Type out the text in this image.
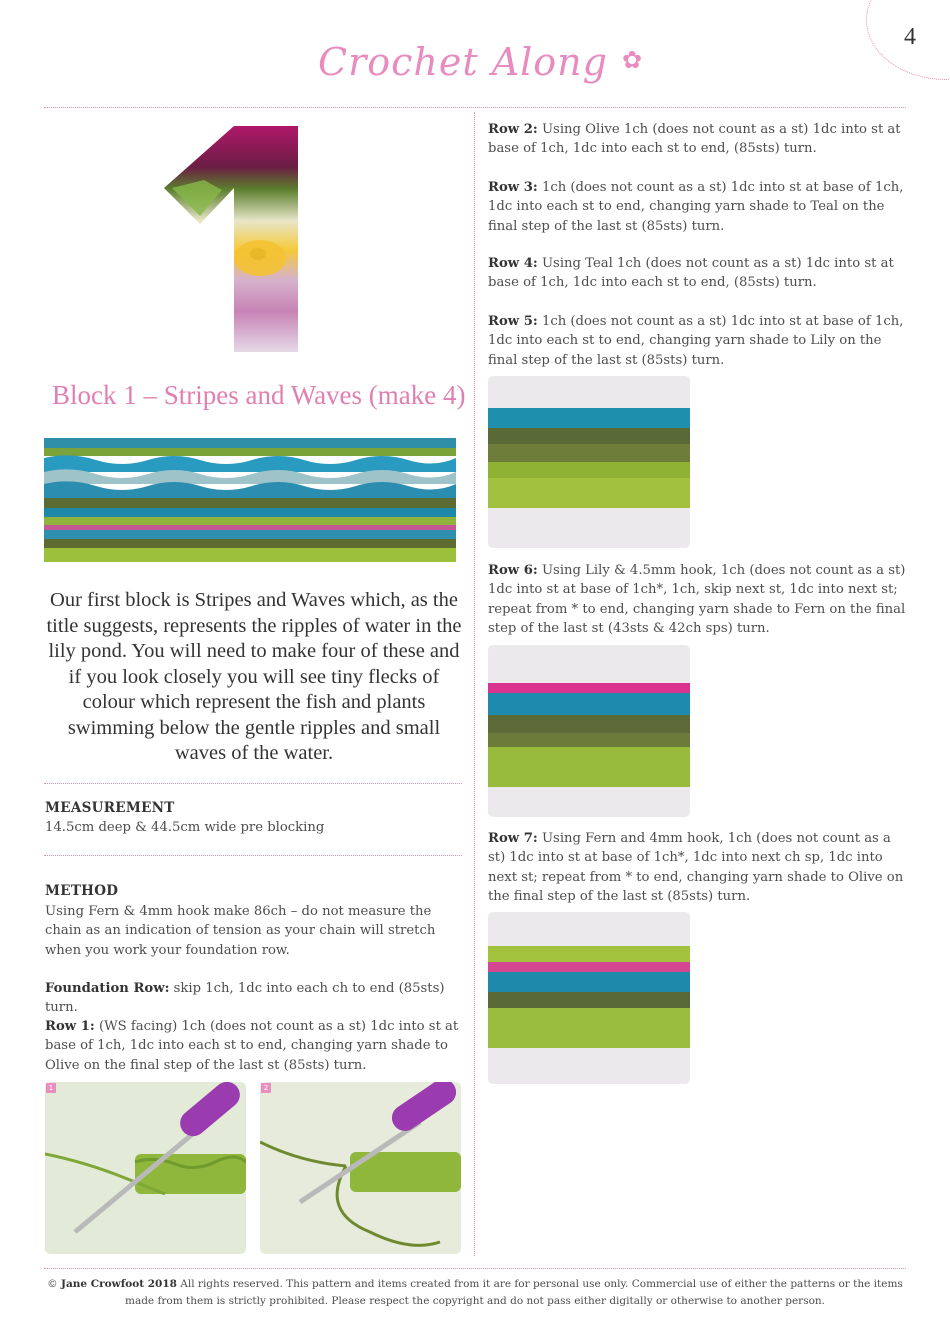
4
Crochet Along ✿
Block 1 – Stripes and Waves (make 4)
Our first block is Stripes and Waves which, as the title suggests, represents the ripples of water in the lily pond. You will need to make four of these and if you look closely you will see tiny flecks of colour which represent the fish and plants swimming below the gentle ripples and small waves of the water.
MEASUREMENT
14.5cm deep & 44.5cm wide pre blocking
METHOD
Using Fern & 4mm hook make 86ch – do not measure the chain as an indication of tension as your chain will stretch when you work your foundation row.
Foundation Row: skip 1ch, 1dc into each ch to end (85sts) turn.
Row 1: (WS facing) 1ch (does not count as a st) 1dc into st at base of 1ch, 1dc into each st to end, changing yarn shade to Olive on the final step of the last st (85sts) turn.
1	2
Row 2: Using Olive 1ch (does not count as a st) 1dc into st at base of 1ch, 1dc into each st to end, (85sts) turn.
Row 3: 1ch (does not count as a st) 1dc into st at base of 1ch, 1dc into each st to end, changing yarn shade to Teal on the final step of the last st (85sts) turn.
Row 4: Using Teal 1ch (does not count as a st) 1dc into st at base of 1ch, 1dc into each st to end, (85sts) turn.
Row 5: 1ch (does not count as a st) 1dc into st at base of 1ch, 1dc into each st to end, changing yarn shade to Lily on the final step of the last st (85sts) turn.
Row 6: Using Lily & 4.5mm hook, 1ch (does not count as a st) 1dc into st at base of 1ch*, 1ch, skip next st, 1dc into next st; repeat from * to end, changing yarn shade to Fern on the final step of the last st (43sts & 42ch sps) turn.
Row 7: Using Fern and 4mm hook, 1ch (does not count as a st) 1dc into st at base of 1ch*, 1dc into next ch sp, 1dc into next st; repeat from * to end, changing yarn shade to Olive on the final step of the last st (85sts) turn.
© Jane Crowfoot 2018 All rights reserved. This pattern and items created from it are for personal use only. Commercial use of either the patterns or the items made from them is strictly prohibited. Please respect the copyright and do not pass either digitally or otherwise to another person.
